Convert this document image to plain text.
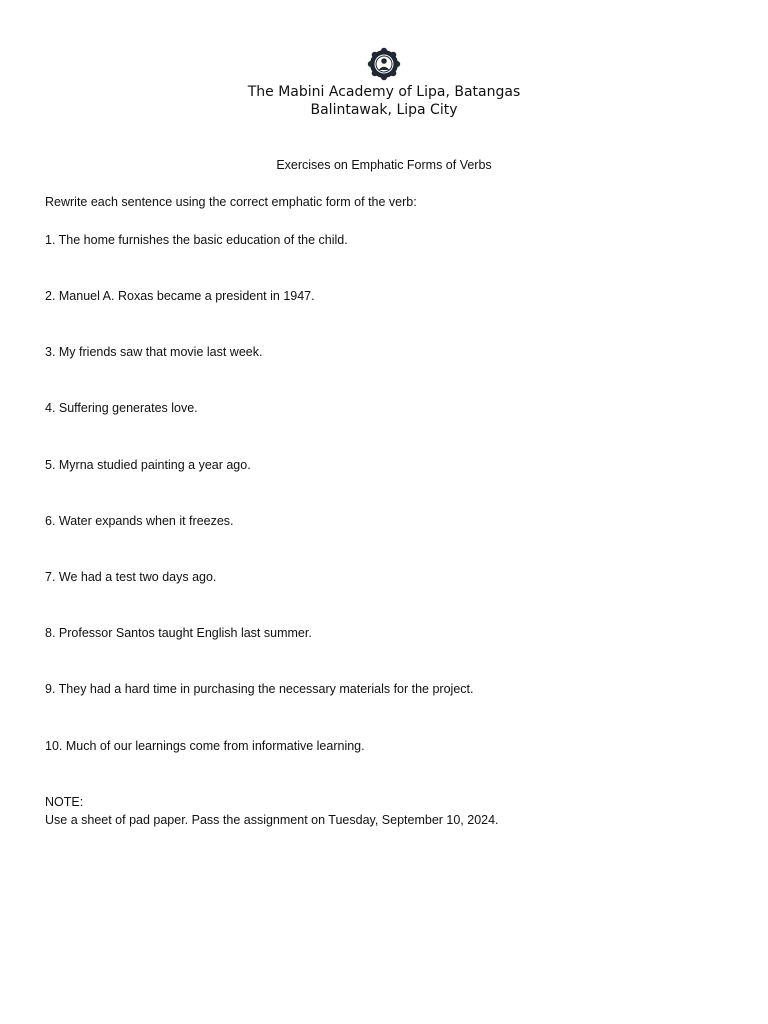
The Mabini Academy of Lipa, Batangas
Balintawak, Lipa City
Exercises on Emphatic Forms of Verbs
Rewrite each sentence using the correct emphatic form of the verb:
1. The home furnishes the basic education of the child.
2. Manuel A. Roxas became a president in 1947.
3. My friends saw that movie last week.
4. Suffering generates love.
5. Myrna studied painting a year ago.
6. Water expands when it freezes.
7. We had a test two days ago.
8. Professor Santos taught English last summer.
9. They had a hard time in purchasing the necessary materials for the project.
10. Much of our learnings come from informative learning.
NOTE:
Use a sheet of pad paper. Pass the assignment on Tuesday, September 10, 2024.
